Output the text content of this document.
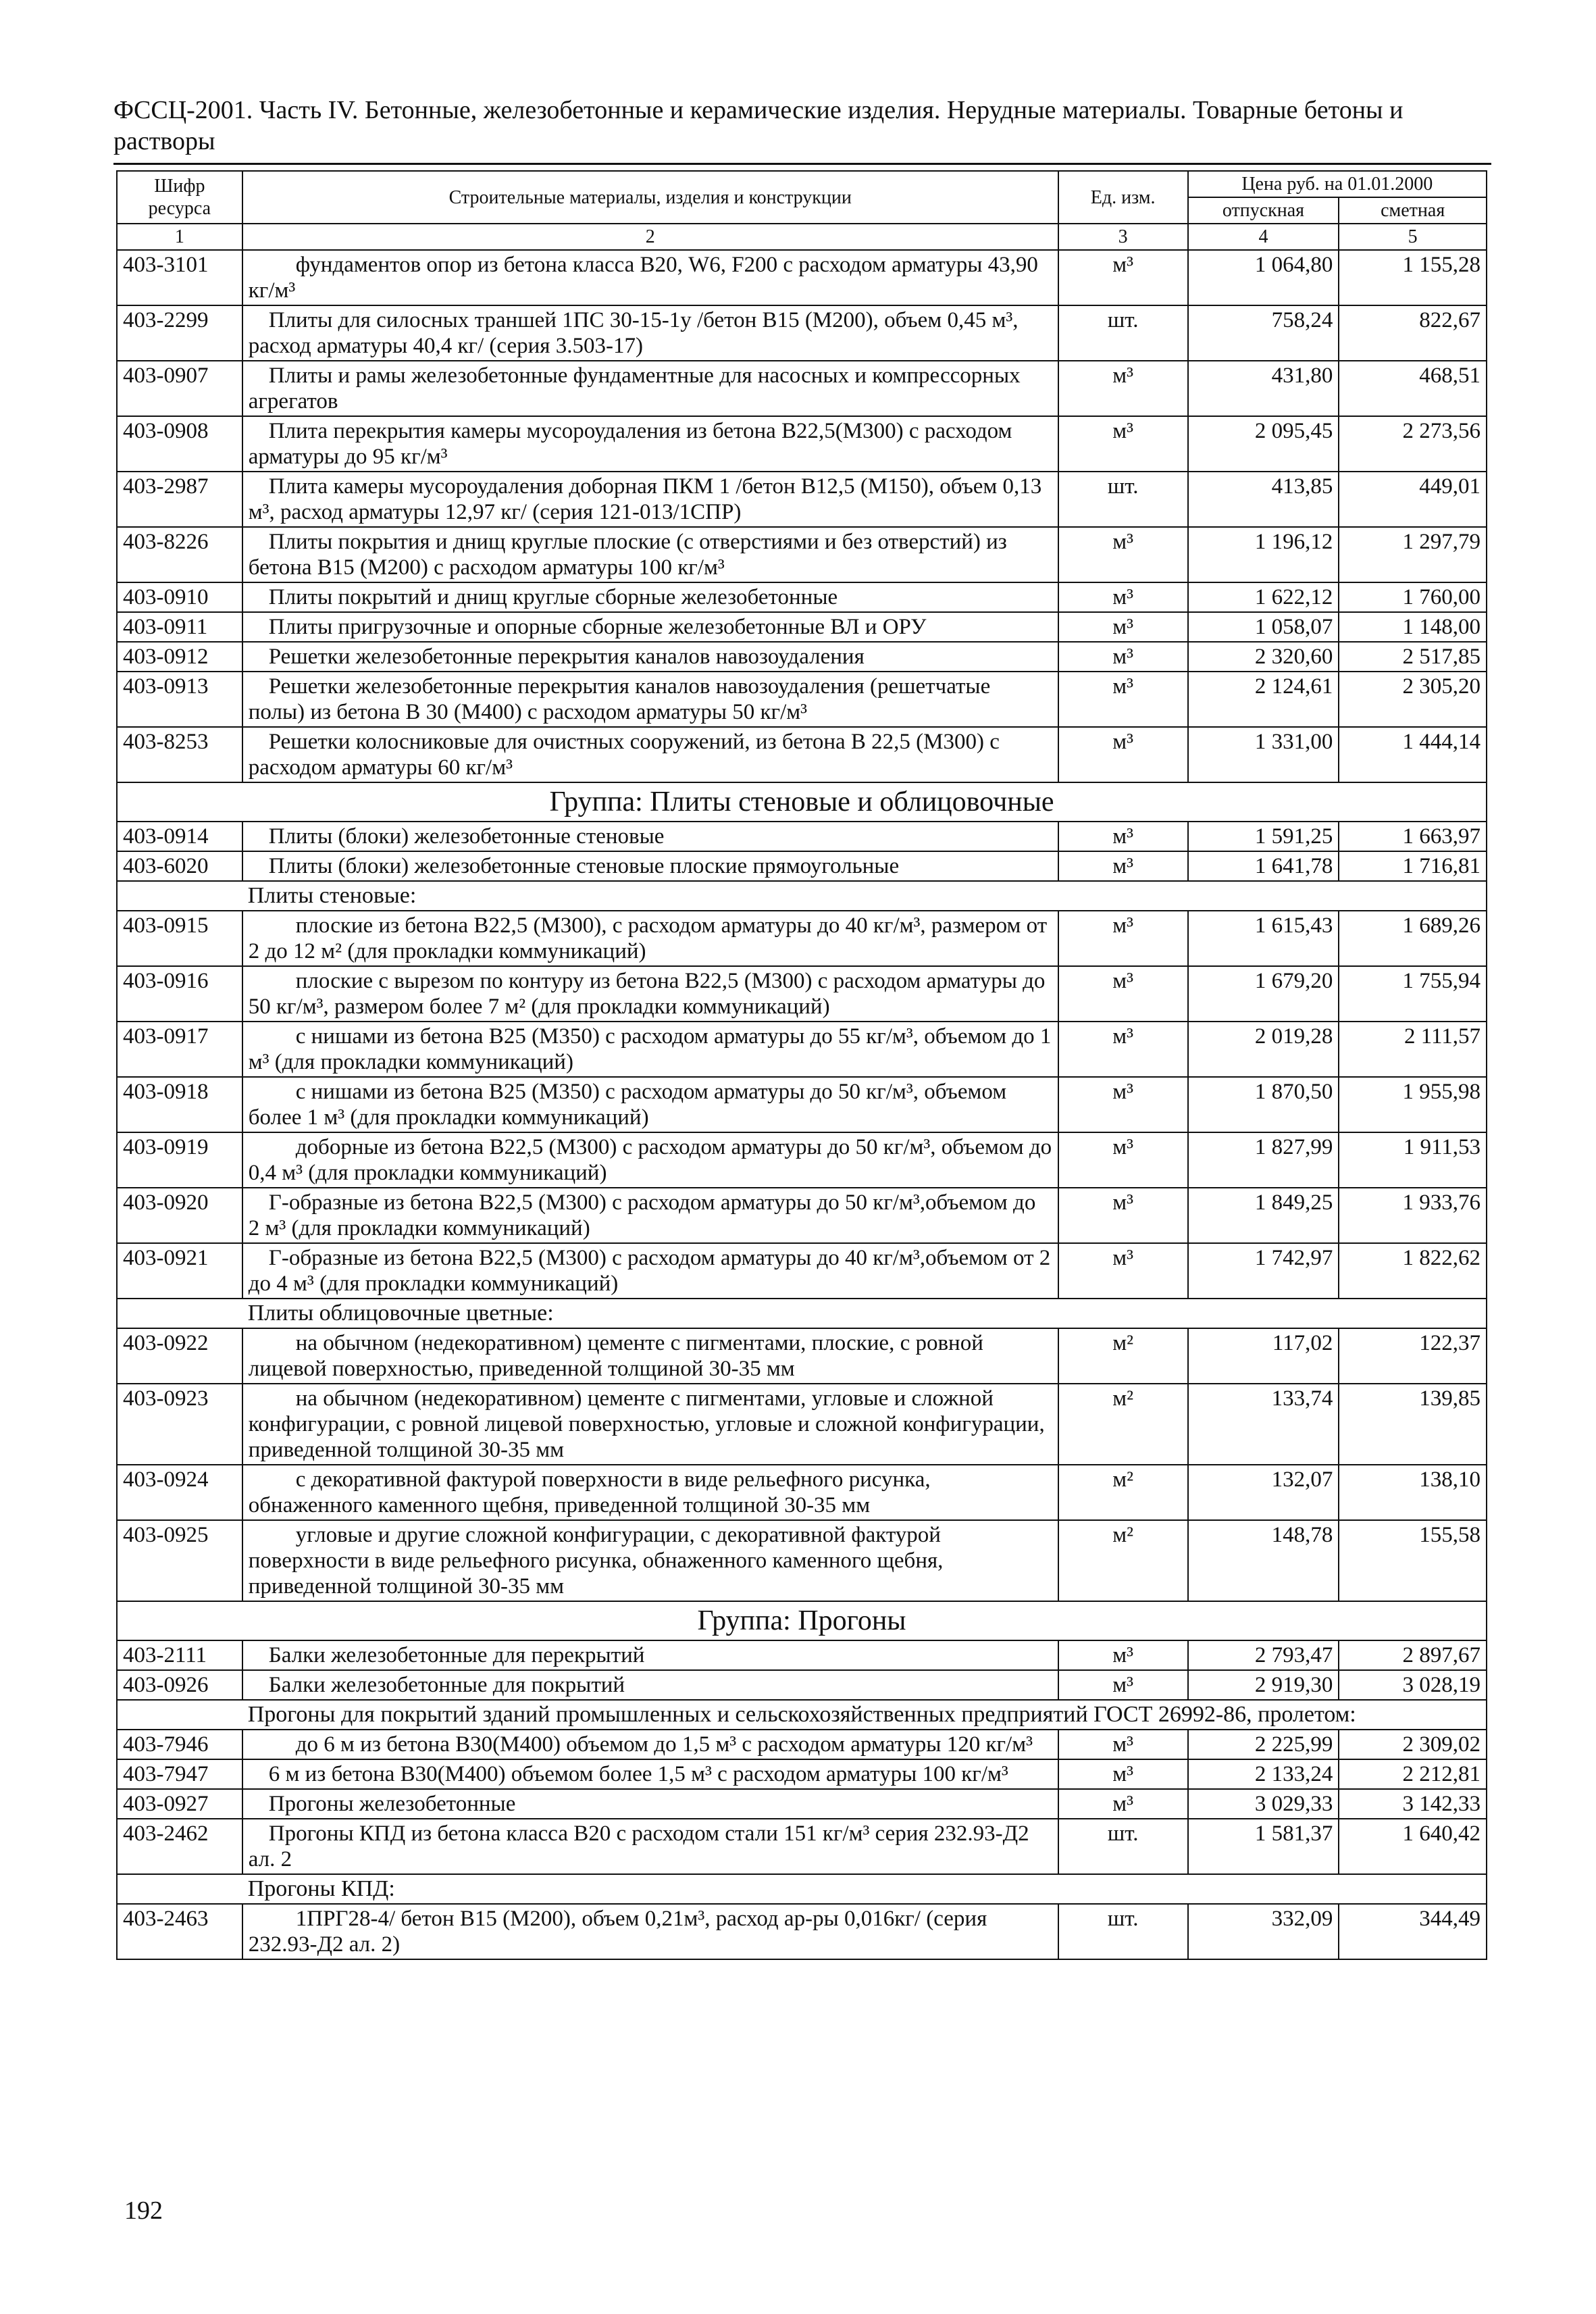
ФССЦ-2001. Часть IV. Бетонные, железобетонные и керамические изделия. Нерудные материалы. Товарные бетоны и растворы
Шифр ресурса	Строительные материалы, изделия и конструкции	Ед. изм.	Цена руб. на 01.01.2000	
			отпускная	сметная
1	2	3	4	5
403-3101	фундаментов опор из бетона класса В20, W6, F200 с расходом арматуры 43,90 кг/м³	м³	1 064,80	1 155,28
403-2299	Плиты для силосных траншей 1ПС 30-15-1у /бетон В15 (М200), объем 0,45 м³, расход арматуры 40,4 кг/ (серия 3.503-17)	шт.	758,24	822,67
403-0907	Плиты и рамы железобетонные фундаментные для насосных и компрессорных агрегатов	м³	431,80	468,51
403-0908	Плита перекрытия камеры мусороудаления из бетона В22,5(М300) с расходом арматуры до 95 кг/м³	м³	2 095,45	2 273,56
403-2987	Плита камеры мусороудаления доборная ПКМ 1 /бетон В12,5 (М150), объем 0,13 м³, расход арматуры 12,97 кг/ (серия 121-013/1СПР)	шт.	413,85	449,01
403-8226	Плиты покрытия и днищ круглые плоские (с отверстиями и без отверстий) из бетона В15 (М200) с расходом арматуры 100 кг/м³	м³	1 196,12	1 297,79
403-0910	Плиты покрытий и днищ круглые сборные железобетонные	м³	1 622,12	1 760,00
403-0911	Плиты пригрузочные и опорные сборные железобетонные ВЛ и ОРУ	м³	1 058,07	1 148,00
403-0912	Решетки железобетонные перекрытия каналов навозоудаления	м³	2 320,60	2 517,85
403-0913	Решетки железобетонные перекрытия каналов навозоудаления (решетчатые полы) из бетона В 30 (М400) с расходом арматуры 50 кг/м³	м³	2 124,61	2 305,20
403-8253	Решетки колосниковые для очистных сооружений, из бетона В 22,5 (М300) с расходом арматуры 60 кг/м³	м³	1 331,00	1 444,14
Группа: Плиты стеновые и облицовочные				
403-0914	Плиты (блоки) железобетонные стеновые	м³	1 591,25	1 663,97
403-6020	Плиты (блоки) железобетонные стеновые плоские прямоугольные	м³	1 641,78	1 716,81
	Плиты стеновые:			
403-0915	плоские из бетона В22,5 (М300), с расходом арматуры до 40 кг/м³, размером от 2 до 12 м² (для прокладки коммуникаций)	м³	1 615,43	1 689,26
403-0916	плоские с вырезом по контуру из бетона В22,5 (М300) с расходом арматуры до 50 кг/м³, размером более 7 м² (для прокладки коммуникаций)	м³	1 679,20	1 755,94
403-0917	с нишами из бетона В25 (М350) с расходом арматуры до 55 кг/м³, объемом до 1 м³ (для прокладки коммуникаций)	м³	2 019,28	2 111,57
403-0918	с нишами из бетона В25 (М350) с расходом арматуры до 50 кг/м³, объемом более 1 м³ (для прокладки коммуникаций)	м³	1 870,50	1 955,98
403-0919	доборные из бетона В22,5 (М300) с расходом арматуры до 50 кг/м³, объемом до 0,4 м³ (для прокладки коммуникаций)	м³	1 827,99	1 911,53
403-0920	Г-образные из бетона В22,5 (М300) с расходом арматуры до 50 кг/м³,объемом до 2 м³ (для прокладки коммуникаций)	м³	1 849,25	1 933,76
403-0921	Г-образные из бетона В22,5 (М300) с расходом арматуры до 40 кг/м³,объемом от 2 до 4 м³ (для прокладки коммуникаций)	м³	1 742,97	1 822,62
	Плиты облицовочные цветные:			
403-0922	на обычном (недекоративном) цементе с пигментами, плоские, с ровной лицевой поверхностью, приведенной толщиной 30-35 мм	м²	117,02	122,37
403-0923	на обычном (недекоративном) цементе с пигментами, угловые и сложной конфигурации, с ровной лицевой поверхностью, угловые и сложной конфигурации, приведенной толщиной 30-35 мм	м²	133,74	139,85
403-0924	с декоративной фактурой поверхности в виде рельефного рисунка, обнаженного каменного щебня, приведенной толщиной 30-35 мм	м²	132,07	138,10
403-0925	угловые и другие сложной конфигурации, с декоративной фактурой поверхности в виде рельефного рисунка, обнаженного каменного щебня, приведенной толщиной 30-35 мм	м²	148,78	155,58
Группа: Прогоны				
403-2111	Балки железобетонные для перекрытий	м³	2 793,47	2 897,67
403-0926	Балки железобетонные для покрытий	м³	2 919,30	3 028,19
	Прогоны для покрытий зданий промышленных и сельскохозяйственных предприятий ГОСТ 26992-86, пролетом:			
403-7946	до 6 м из бетона В30(М400) объемом до 1,5 м³ с расходом арматуры 120 кг/м³	м³	2 225,99	2 309,02
403-7947	6 м из бетона В30(М400) объемом более 1,5 м³ с расходом арматуры 100 кг/м³	м³	2 133,24	2 212,81
403-0927	Прогоны железобетонные	м³	3 029,33	3 142,33
403-2462	Прогоны КПД из бетона класса В20 с расходом стали 151 кг/м³ серия 232.93-Д2 ал. 2	шт.	1 581,37	1 640,42
	Прогоны КПД:			
403-2463	1ПРГ28-4/ бетон В15 (М200), объем 0,21м³, расход ар-ры 0,016кг/ (серия 232.93-Д2 ал. 2)	шт.	332,09	344,49
192
